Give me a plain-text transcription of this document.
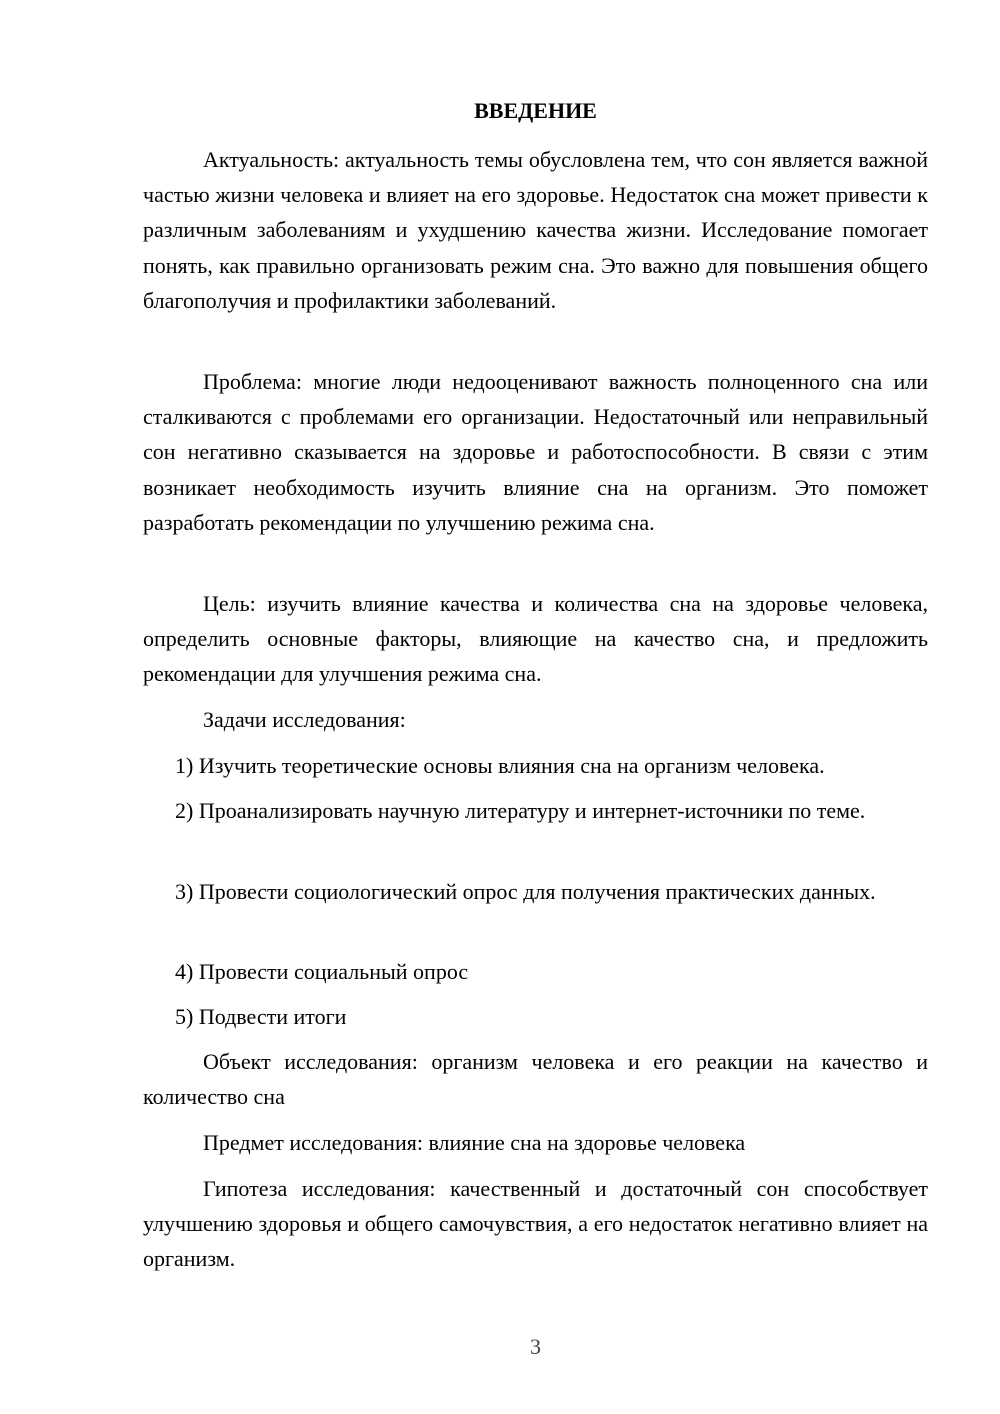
ВВЕДЕНИЕ

Актуальность: актуальность темы обусловлена тем, что сон является важной частью жизни человека и влияет на его здоровье. Недостаток сна может привести к различным заболеваниям и ухудшению качества жизни. Исследование помогает понять, как правильно организовать режим сна. Это важно для повышения общего благополучия и профилактики заболеваний.

Проблема: многие люди недооценивают важность полноценного сна или сталкиваются с проблемами его организации. Недостаточный или неправильный сон негативно сказывается на здоровье и работоспособности. В связи с этим возникает необходимость изучить влияние сна на организм. Это поможет разработать рекомендации по улучшению режима сна.

Цель: изучить влияние качества и количества сна на здоровье человека, определить основные факторы, влияющие на качество сна, и предложить рекомендации для улучшения режима сна.

Задачи исследования:

1) Изучить теоретические основы влияния сна на организм человека.

2) Проанализировать научную литературу и интернет-источники по теме.

3) Провести социологический опрос для получения практических данных.

4) Провести социальный опрос

5) Подвести итоги

Объект исследования: организм человека и его реакции на качество и количество сна

Предмет исследования: влияние сна на здоровье человека

Гипотеза исследования: качественный и достаточный сон способствует улучшению здоровья и общего самочувствия, а его недостаток негативно влияет на организм.

3
